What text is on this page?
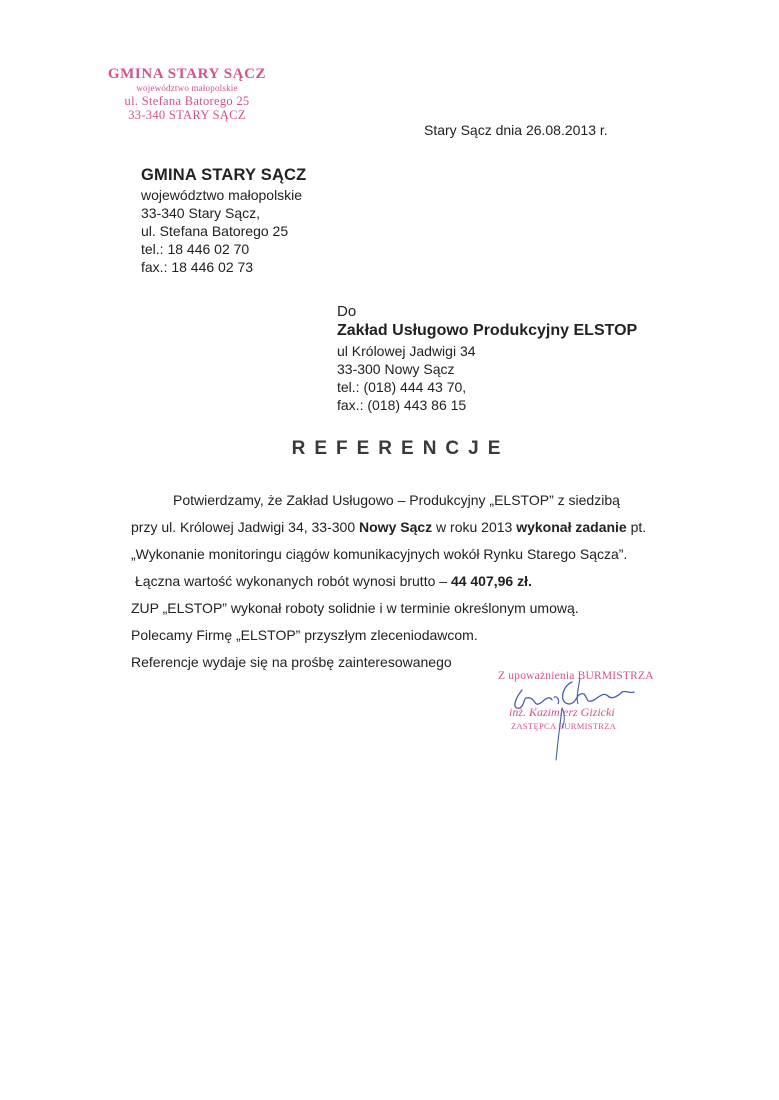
GMINA STARY SĄCZ
województwo małopolskie
ul. Stefana Batorego 25
33-340 STARY SĄCZ
Stary Sącz dnia 26.08.2013 r.
GMINA STARY SĄCZ
województwo małopolskie
33-340 Stary Sącz,
ul. Stefana Batorego 25
tel.: 18 446 02 70
fax.: 18 446 02 73
Do
Zakład Usługowo Produkcyjny ELSTOP
ul Królowej Jadwigi 34
33-300 Nowy Sącz
tel.: (018) 444 43 70,
fax.: (018) 443 86 15
REFERENCJE
Potwierdzamy, że Zakład Usługowo – Produkcyjny „ELSTOP” z siedzibą
przy ul. Królowej Jadwigi 34, 33-300 Nowy Sącz w roku 2013 wykonał zadanie pt.
„Wykonanie monitoringu ciągów komunikacyjnych wokół Rynku Starego Sącza”.
Łączna wartość wykonanych robót wynosi brutto – 44 407,96 zł.
ZUP „ELSTOP” wykonał roboty solidnie i w terminie określonym umową.
Polecamy Firmę „ELSTOP” przyszłym zleceniodawcom.
Referencje wydaje się na prośbę zainteresowanego
Z upoważnienia BURMISTRZA
inż. Kazimierz Gizicki
ZASTĘPCA BURMISTRZA
